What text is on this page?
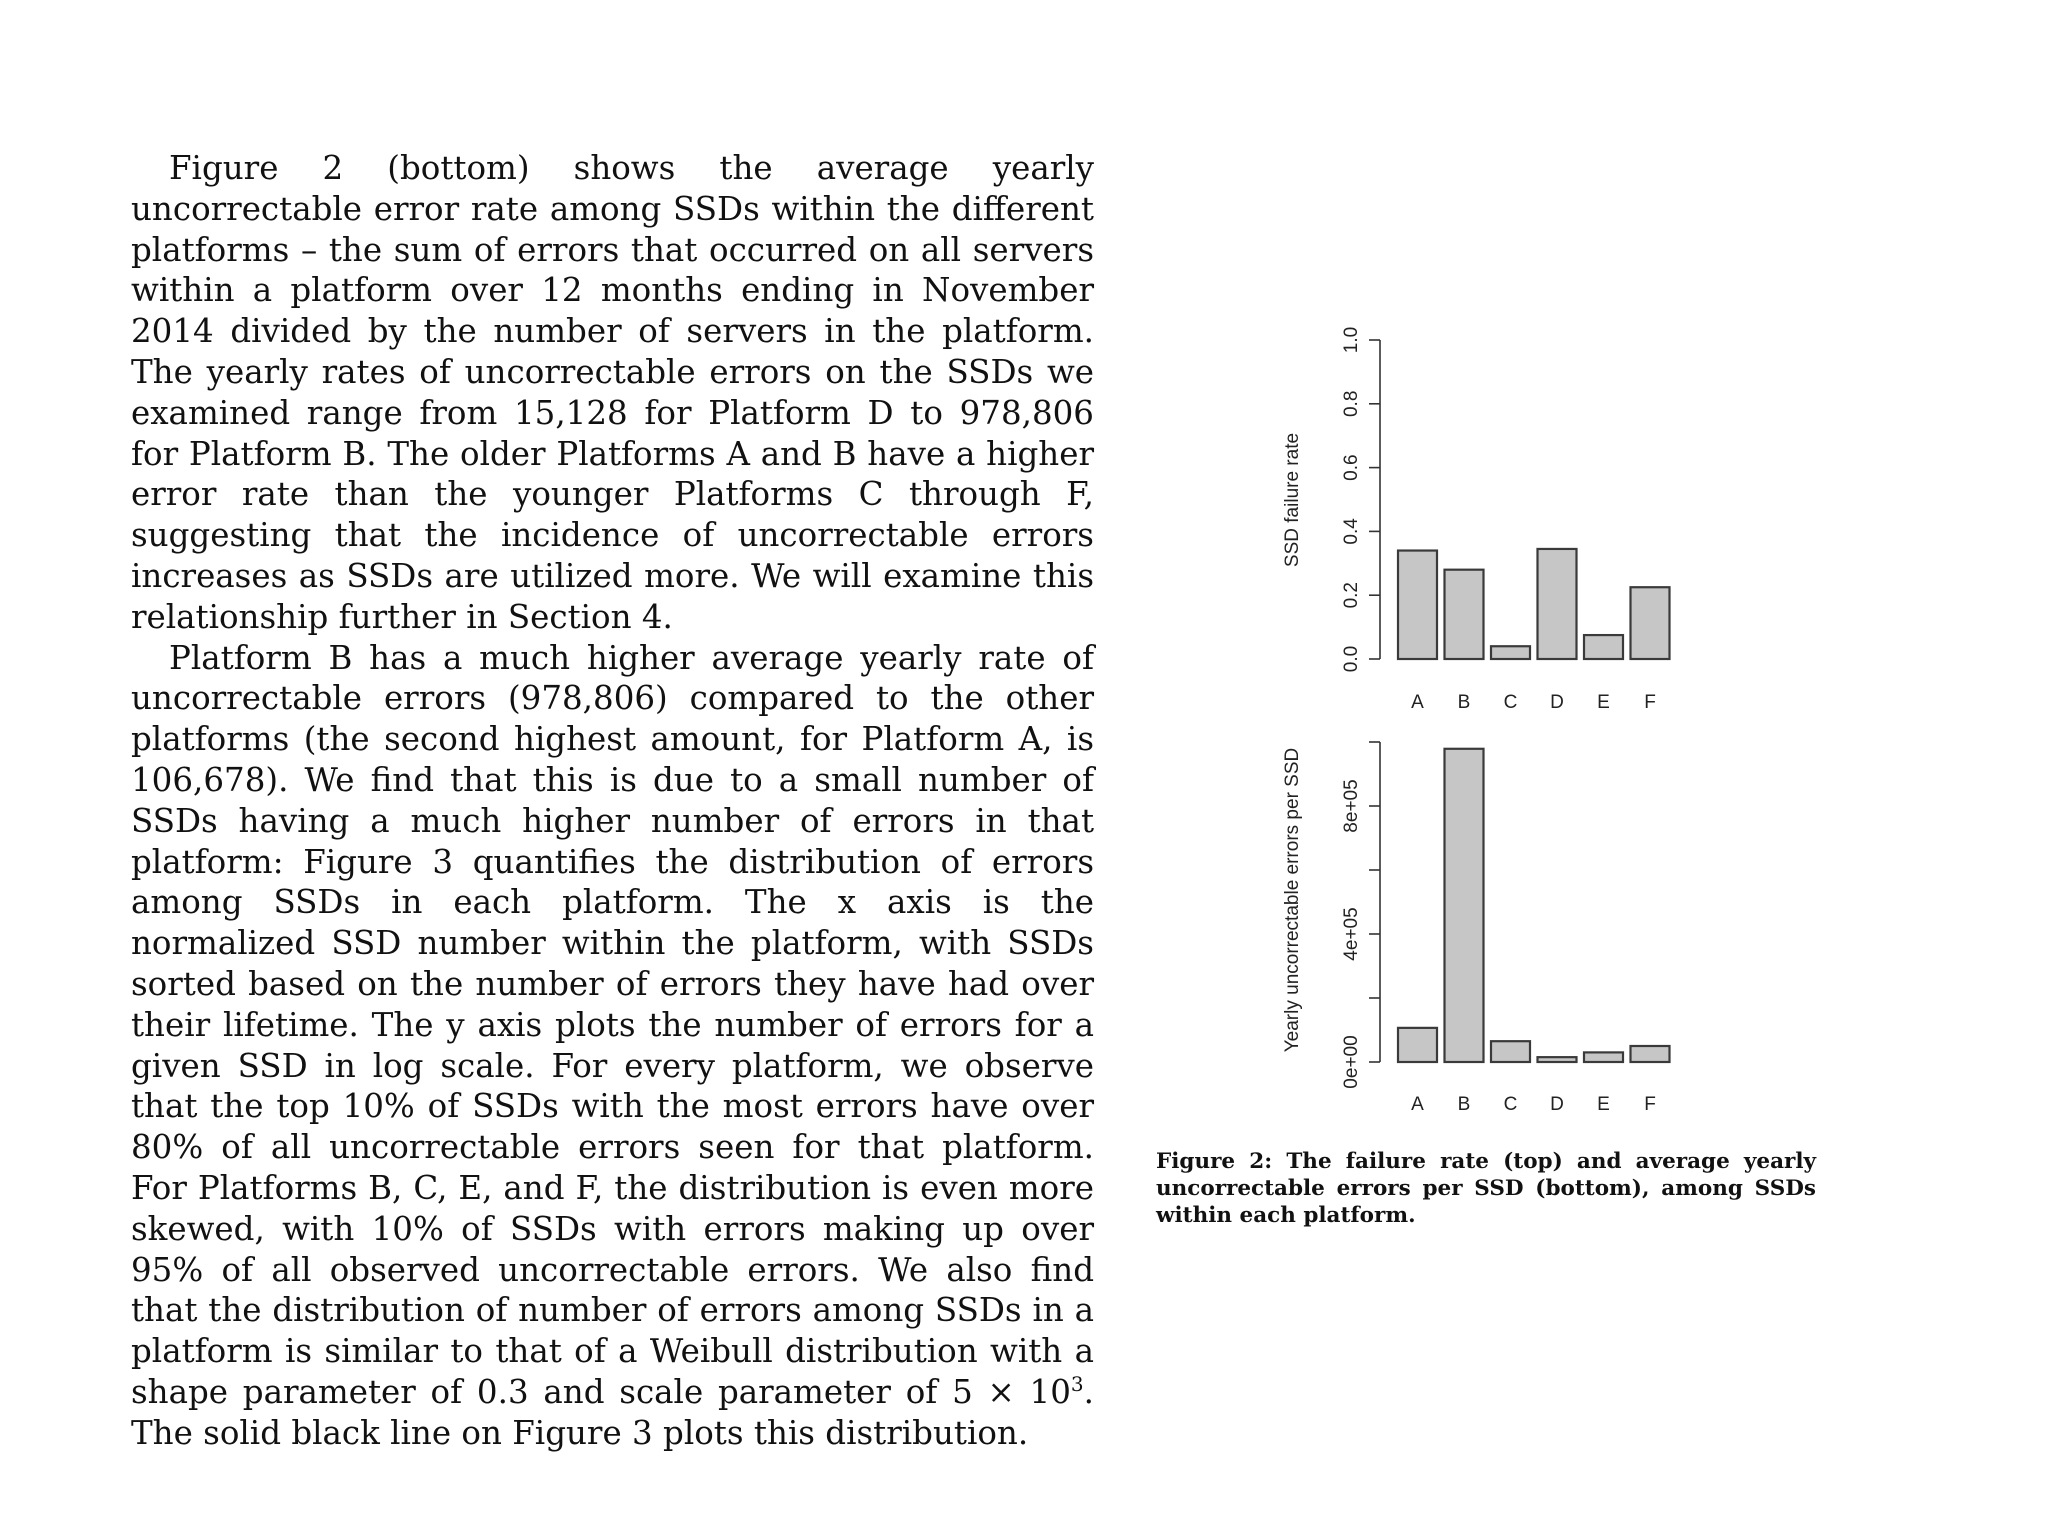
Figure 2 (bottom) shows the average yearly uncorrectable error rate among SSDs within the different platforms – the sum of errors that occurred on all servers within a platform over 12 months ending in November 2014 divided by the number of servers in the platform. The yearly rates of uncorrectable errors on the SSDs we examined range from 15,128 for Platform D to 978,806 for Platform B. The older Platforms A and B have a higher error rate than the younger Platforms C through F, suggesting that the incidence of uncorrectable errors increases as SSDs are utilized more. We will examine this relationship further in Section 4.

Platform B has a much higher average yearly rate of uncorrectable errors (978,806) compared to the other platforms (the second highest amount, for Platform A, is 106,678). We find that this is due to a small number of SSDs having a much higher number of errors in that platform: Figure 3 quantifies the distribution of errors among SSDs in each platform. The x axis is the normalized SSD number within the platform, with SSDs sorted based on the number of errors they have had over their lifetime. The y axis plots the number of errors for a given SSD in log scale. For every platform, we observe that the top 10% of SSDs with the most errors have over 80% of all uncorrectable errors seen for that platform. For Platforms B, C, E, and F, the distribution is even more skewed, with 10% of SSDs with errors making up over 95% of all observed uncorrectable errors. We also find that the distribution of number of errors among SSDs in a platform is similar to that of a Weibull distribution with a shape parameter of 0.3 and scale parameter of $5 \times 10^3$. The solid black line on Figure 3 plots this distribution.

0.0
0.2
0.4
0.6
0.8
1.0
SSD failure rate
A B C D E F
0e+00
4e+05
8e+05
Yearly uncorrectable errors per SSD
A B C D E F
Figure 2: The failure rate (top) and average yearly uncorrectable errors per SSD (bottom), among SSDs within each platform.
